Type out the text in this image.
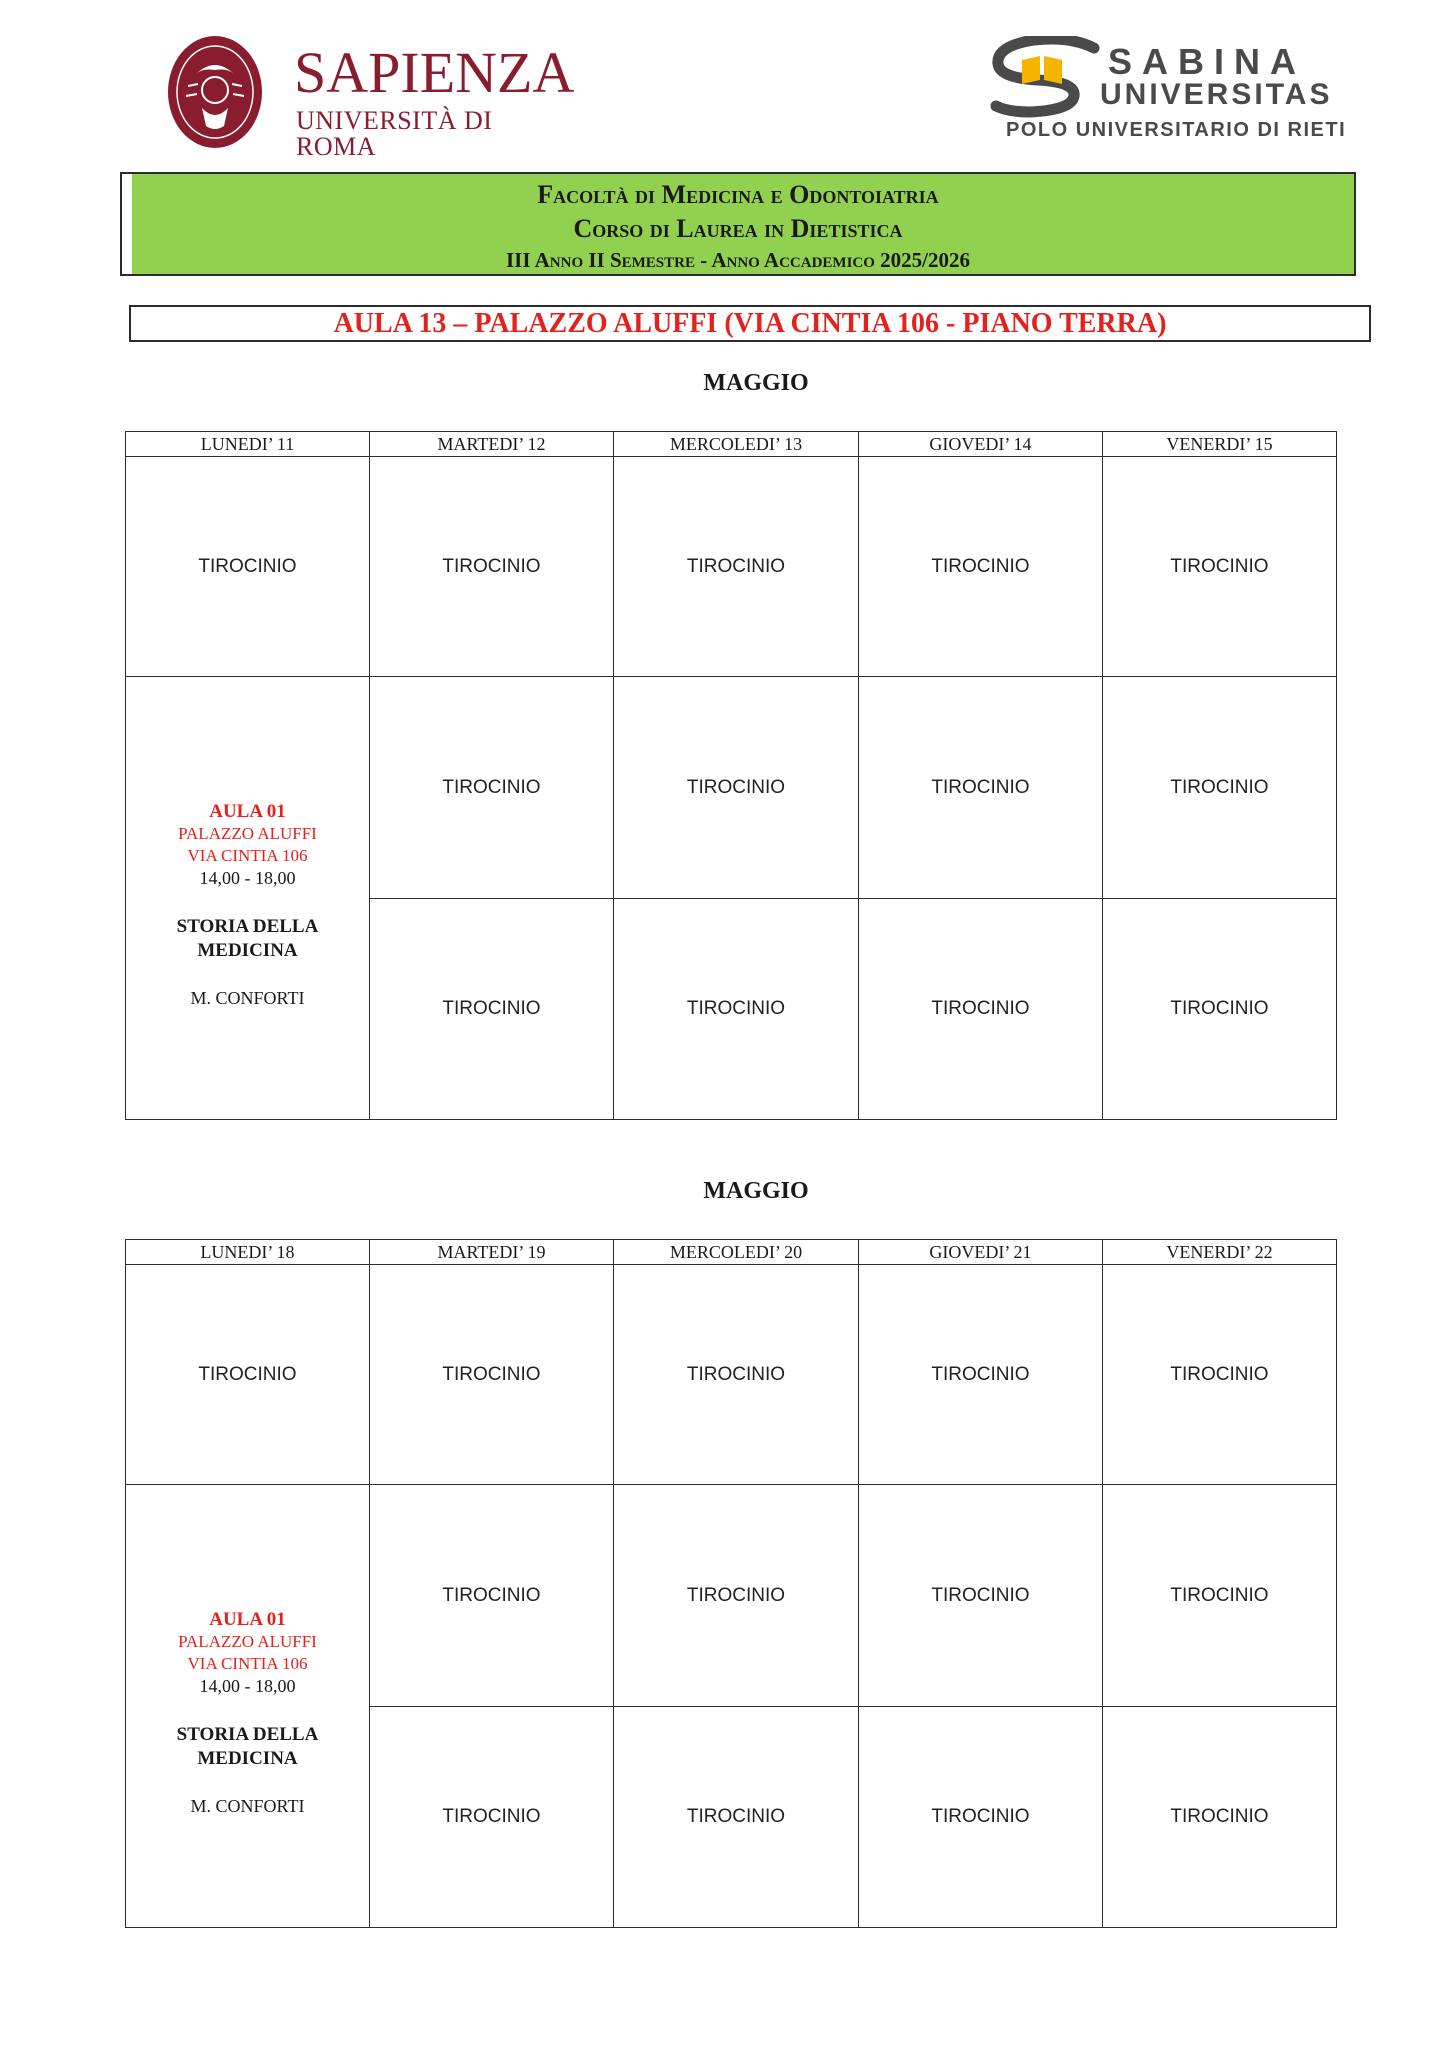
SAPIENZA
UNIVERSITÀ DI ROMA
SABINA
UNIVERSITAS
POLO UNIVERSITARIO DI RIETI
Facoltà di Medicina e Odontoiatria
Corso di Laurea in Dietistica
III Anno II Semestre - Anno Accademico 2025/2026
AULA 13 – PALAZZO ALUFFI (VIA CINTIA 106 - PIANO TERRA)
MAGGIO
LUNEDI’ 11	MARTEDI’ 12	MERCOLEDI’ 13	GIOVEDI’ 14	VENERDI’ 15
TIROCINIO	TIROCINIO	TIROCINIO	TIROCINIO	TIROCINIO
AULA 01
PALAZZO ALUFFI
VIA CINTIA 106
14,00 - 18,00
STORIA DELLA MEDICINA
M. CONFORTI
TIROCINIO	TIROCINIO	TIROCINIO	TIROCINIO
TIROCINIO	TIROCINIO	TIROCINIO	TIROCINIO
MAGGIO
LUNEDI’ 18	MARTEDI’ 19	MERCOLEDI’ 20	GIOVEDI’ 21	VENERDI’ 22
TIROCINIO	TIROCINIO	TIROCINIO	TIROCINIO	TIROCINIO
AULA 01
PALAZZO ALUFFI
VIA CINTIA 106
14,00 - 18,00
STORIA DELLA MEDICINA
M. CONFORTI
TIROCINIO	TIROCINIO	TIROCINIO	TIROCINIO
TIROCINIO	TIROCINIO	TIROCINIO	TIROCINIO
